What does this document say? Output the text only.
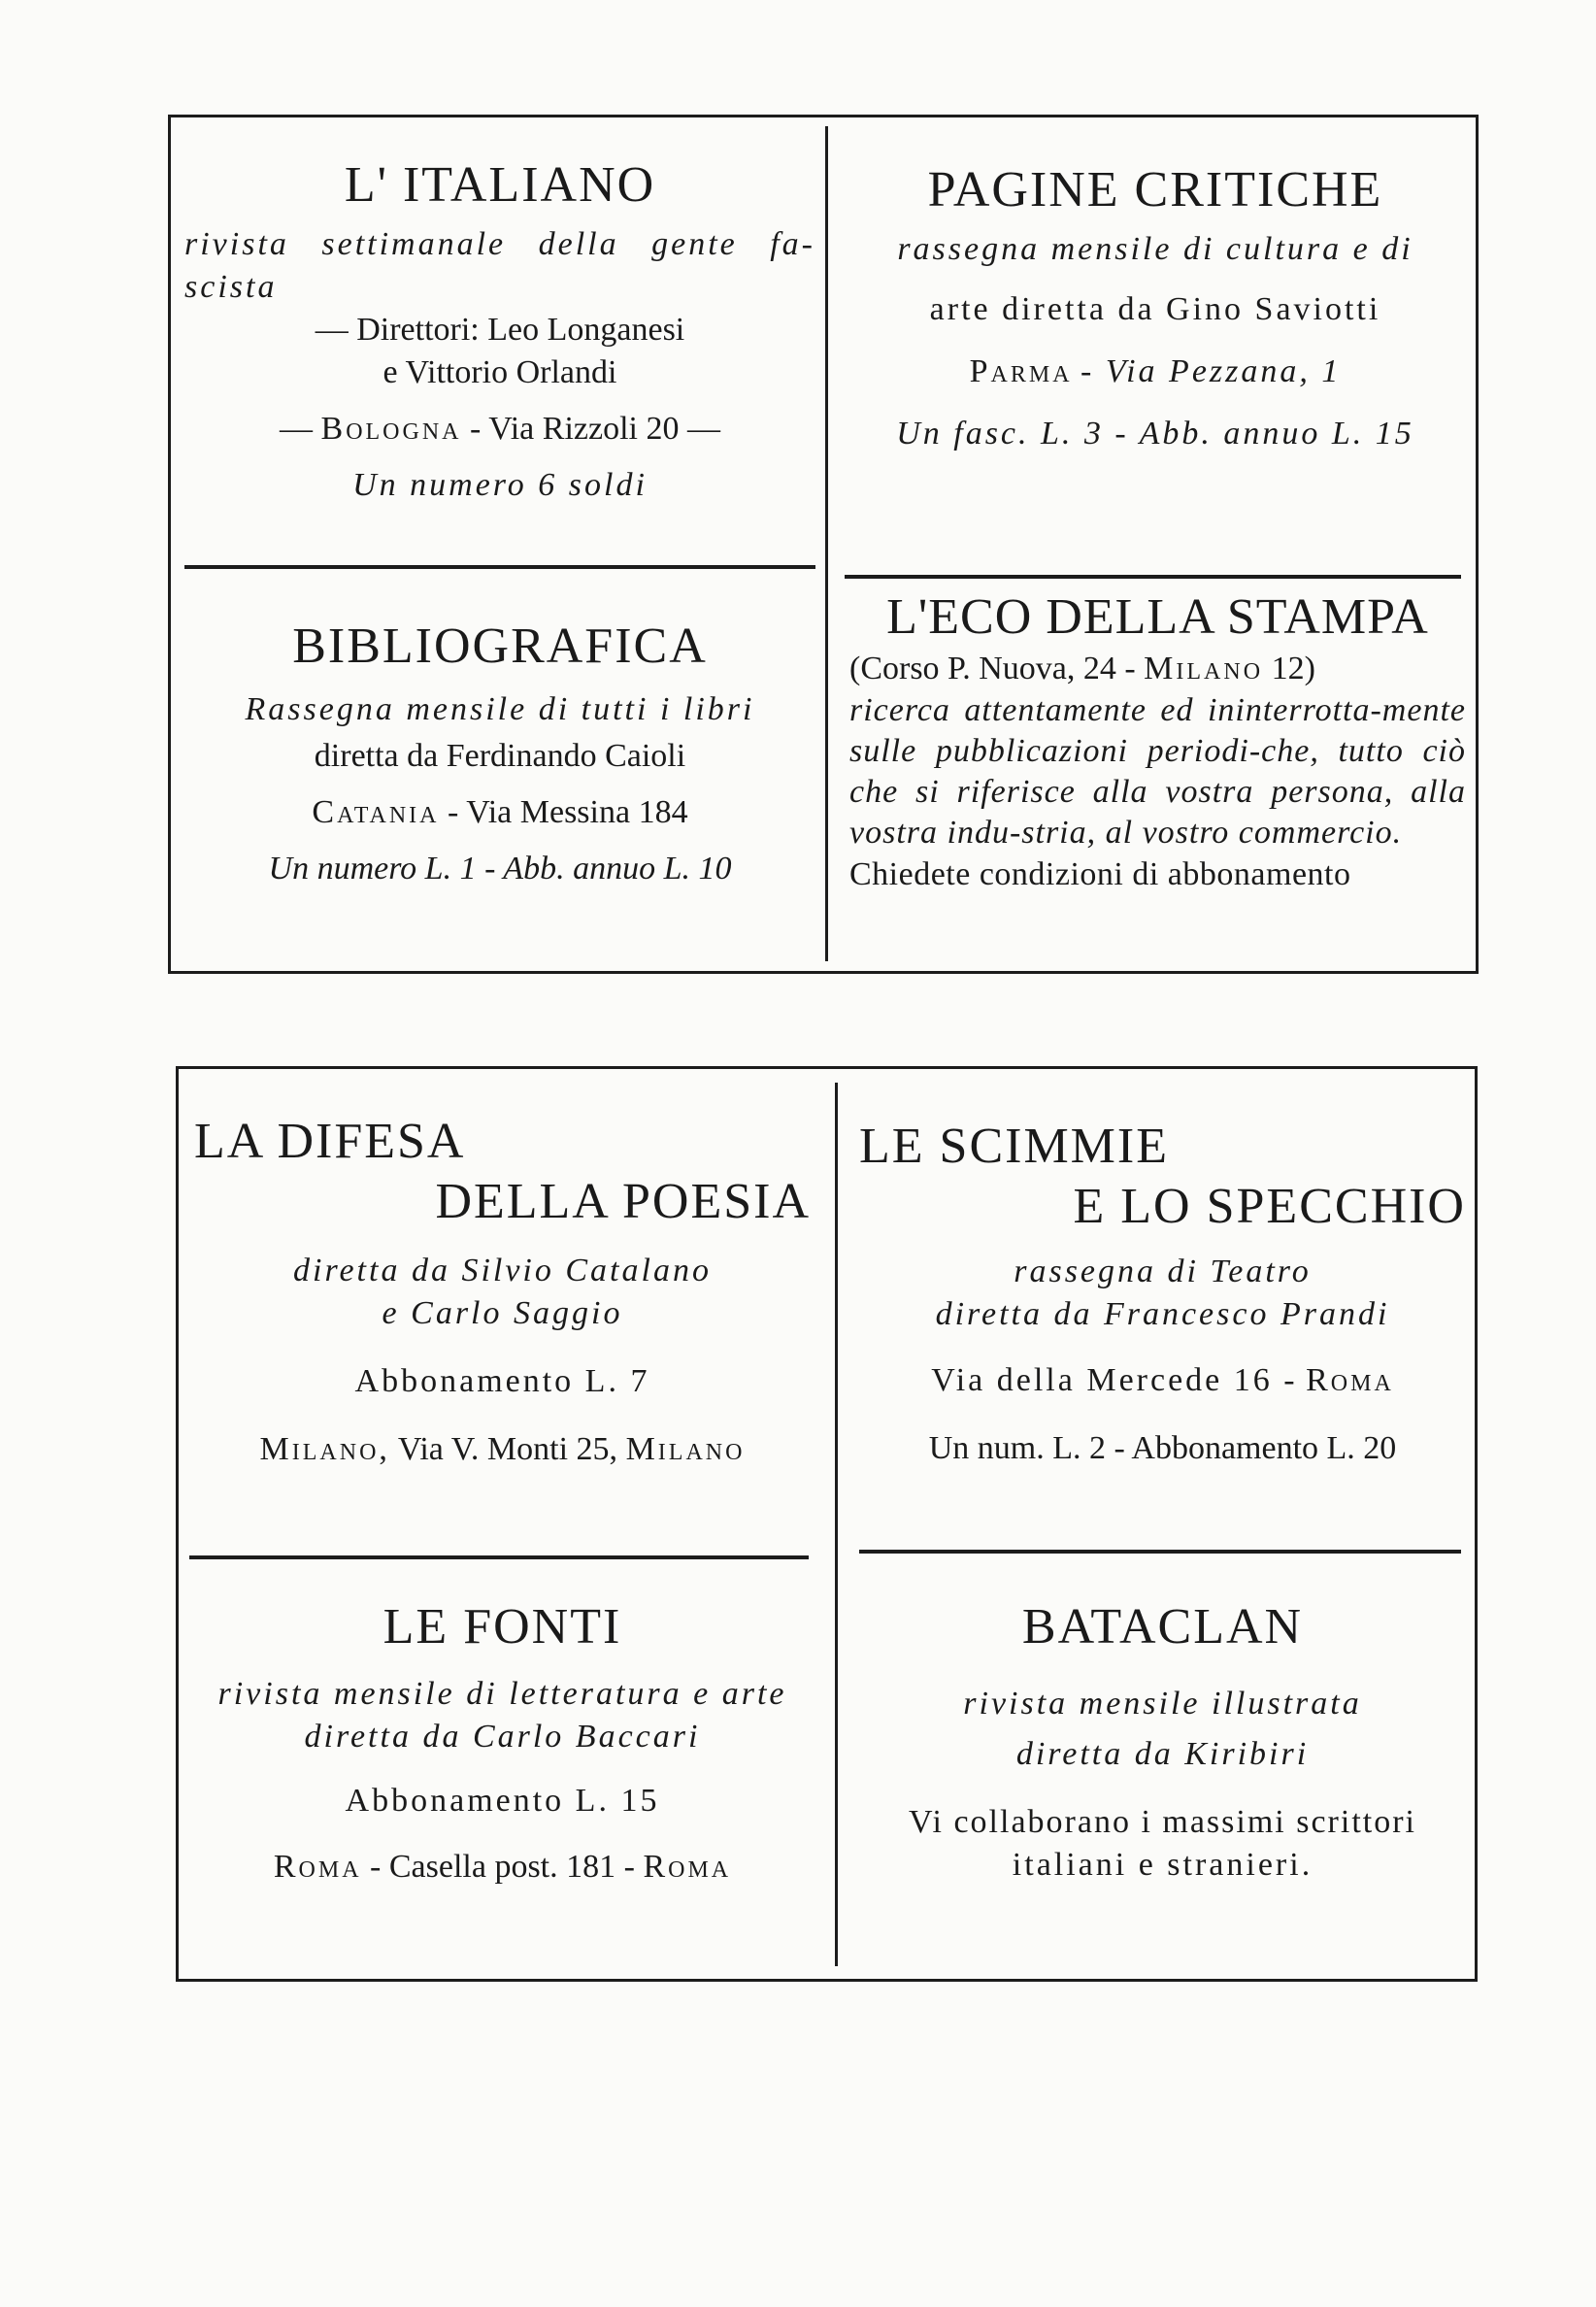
L' ITALIANO
rivista settimanale della gente fa-scista
— Direttori: Leo Longanesi
e Vittorio Orlandi
— Bologna - Via Rizzoli 20 —
Un numero 6 soldi
PAGINE CRITICHE
rassegna mensile di cultura e di
arte diretta da Gino Saviotti
Parma - Via Pezzana, 1
Un fasc. L. 3 - Abb. annuo L. 15
BIBLIOGRAFICA
Rassegna mensile di tutti i libri
diretta da Ferdinando Caioli
Catania - Via Messina 184
Un numero L. 1 - Abb. annuo L. 10
L'ECO DELLA STAMPA
(Corso P. Nuova, 24 - Milano 12)
ricerca attentamente ed ininterrotta-mente sulle pubblicazioni periodi-che, tutto ciò che si riferisce alla vostra persona, alla vostra indu-stria, al vostro commercio.
Chiedete condizioni di abbonamento
LA DIFESA
DELLA POESIA
diretta da Silvio Catalano
e Carlo Saggio
Abbonamento L. 7
Milano, Via V. Monti 25, Milano
LE SCIMMIE
E LO SPECCHIO
rassegna di Teatro
diretta da Francesco Prandi
Via della Mercede 16 - Roma
Un num. L. 2 - Abbonamento L. 20
LE FONTI
rivista mensile di letteratura e arte
diretta da Carlo Baccari
Abbonamento L. 15
Roma - Casella post. 181 - Roma
BATACLAN
rivista mensile illustrata
diretta da Kiribiri
Vi collaborano i massimi scrittori
italiani e stranieri.
